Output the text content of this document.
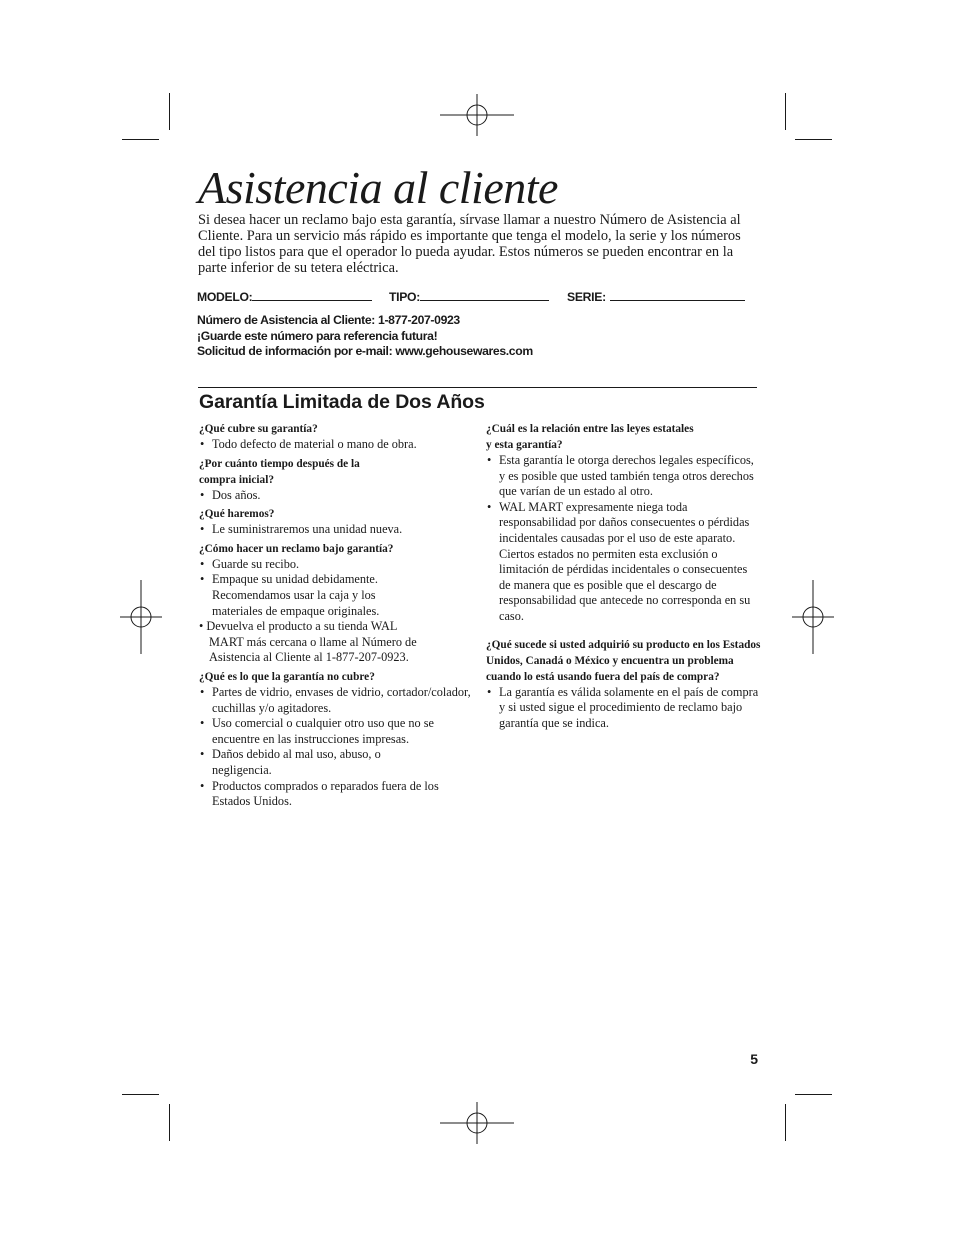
Asistencia al cliente

Si desea hacer un reclamo bajo esta garantía, sírvase llamar a nuestro Número de Asistencia al Cliente. Para un servicio más rápido es importante que tenga el modelo, la serie y los números del tipo listos para que el operador lo pueda ayudar. Estos números se pueden encontrar en la parte inferior de su tetera eléctrica.

MODELO:	TIPO:	SERIE:
Número de Asistencia al Cliente: 1-877-207-0923
¡Guarde este número para referencia futura!
Solicitud de información por e-mail: www.gehousewares.com
Garantía Limitada de Dos Años

¿Qué cubre su garantía?

• Todo defecto de material o mano de obra.

¿Por cuánto tiempo después de la
compra inicial?

• Dos años.

¿Qué haremos?

• Le suministraremos una unidad nueva.

¿Cómo hacer un reclamo bajo garantía?

• Guarde su recibo.
• Empaque su unidad debidamente. Recomendamos usar la caja y los materiales de empaque originales.

• Devuelva el producto a su tienda WAL MART más cercana o llame al Número de Asistencia al Cliente al 1-877-207-0923.

¿Qué es lo que la garantía no cubre?

• Partes de vidrio, envases de vidrio, cortador/colador, cuchillas y/o agitadores.
• Uso comercial o cualquier otro uso que no se encuentre en las instrucciones impresas.
• Daños debido al mal uso, abuso, o negligencia.
• Productos comprados o reparados fuera de los Estados Unidos.

¿Cuál es la relación entre las leyes estatales
y esta garantía?

• Esta garantía le otorga derechos legales específicos, y es posible que usted también tenga otros derechos que varían de un estado al otro.
• WAL MART expresamente niega toda responsabilidad por daños consecuentes o pérdidas incidentales causadas por el uso de este aparato. Ciertos estados no permiten esta exclusión o limitación de pérdidas incidentales o consecuentes de manera que es posible que el descargo de responsabilidad que antecede no corresponda en su caso.

¿Qué sucede si usted adquirió su producto en los Estados Unidos, Canadá o México y encuentra un problema cuando lo está usando fuera del país de compra?

• La garantía es válida solamente en el país de compra y si usted sigue el procedimiento de reclamo bajo garantía que se indica.
5
